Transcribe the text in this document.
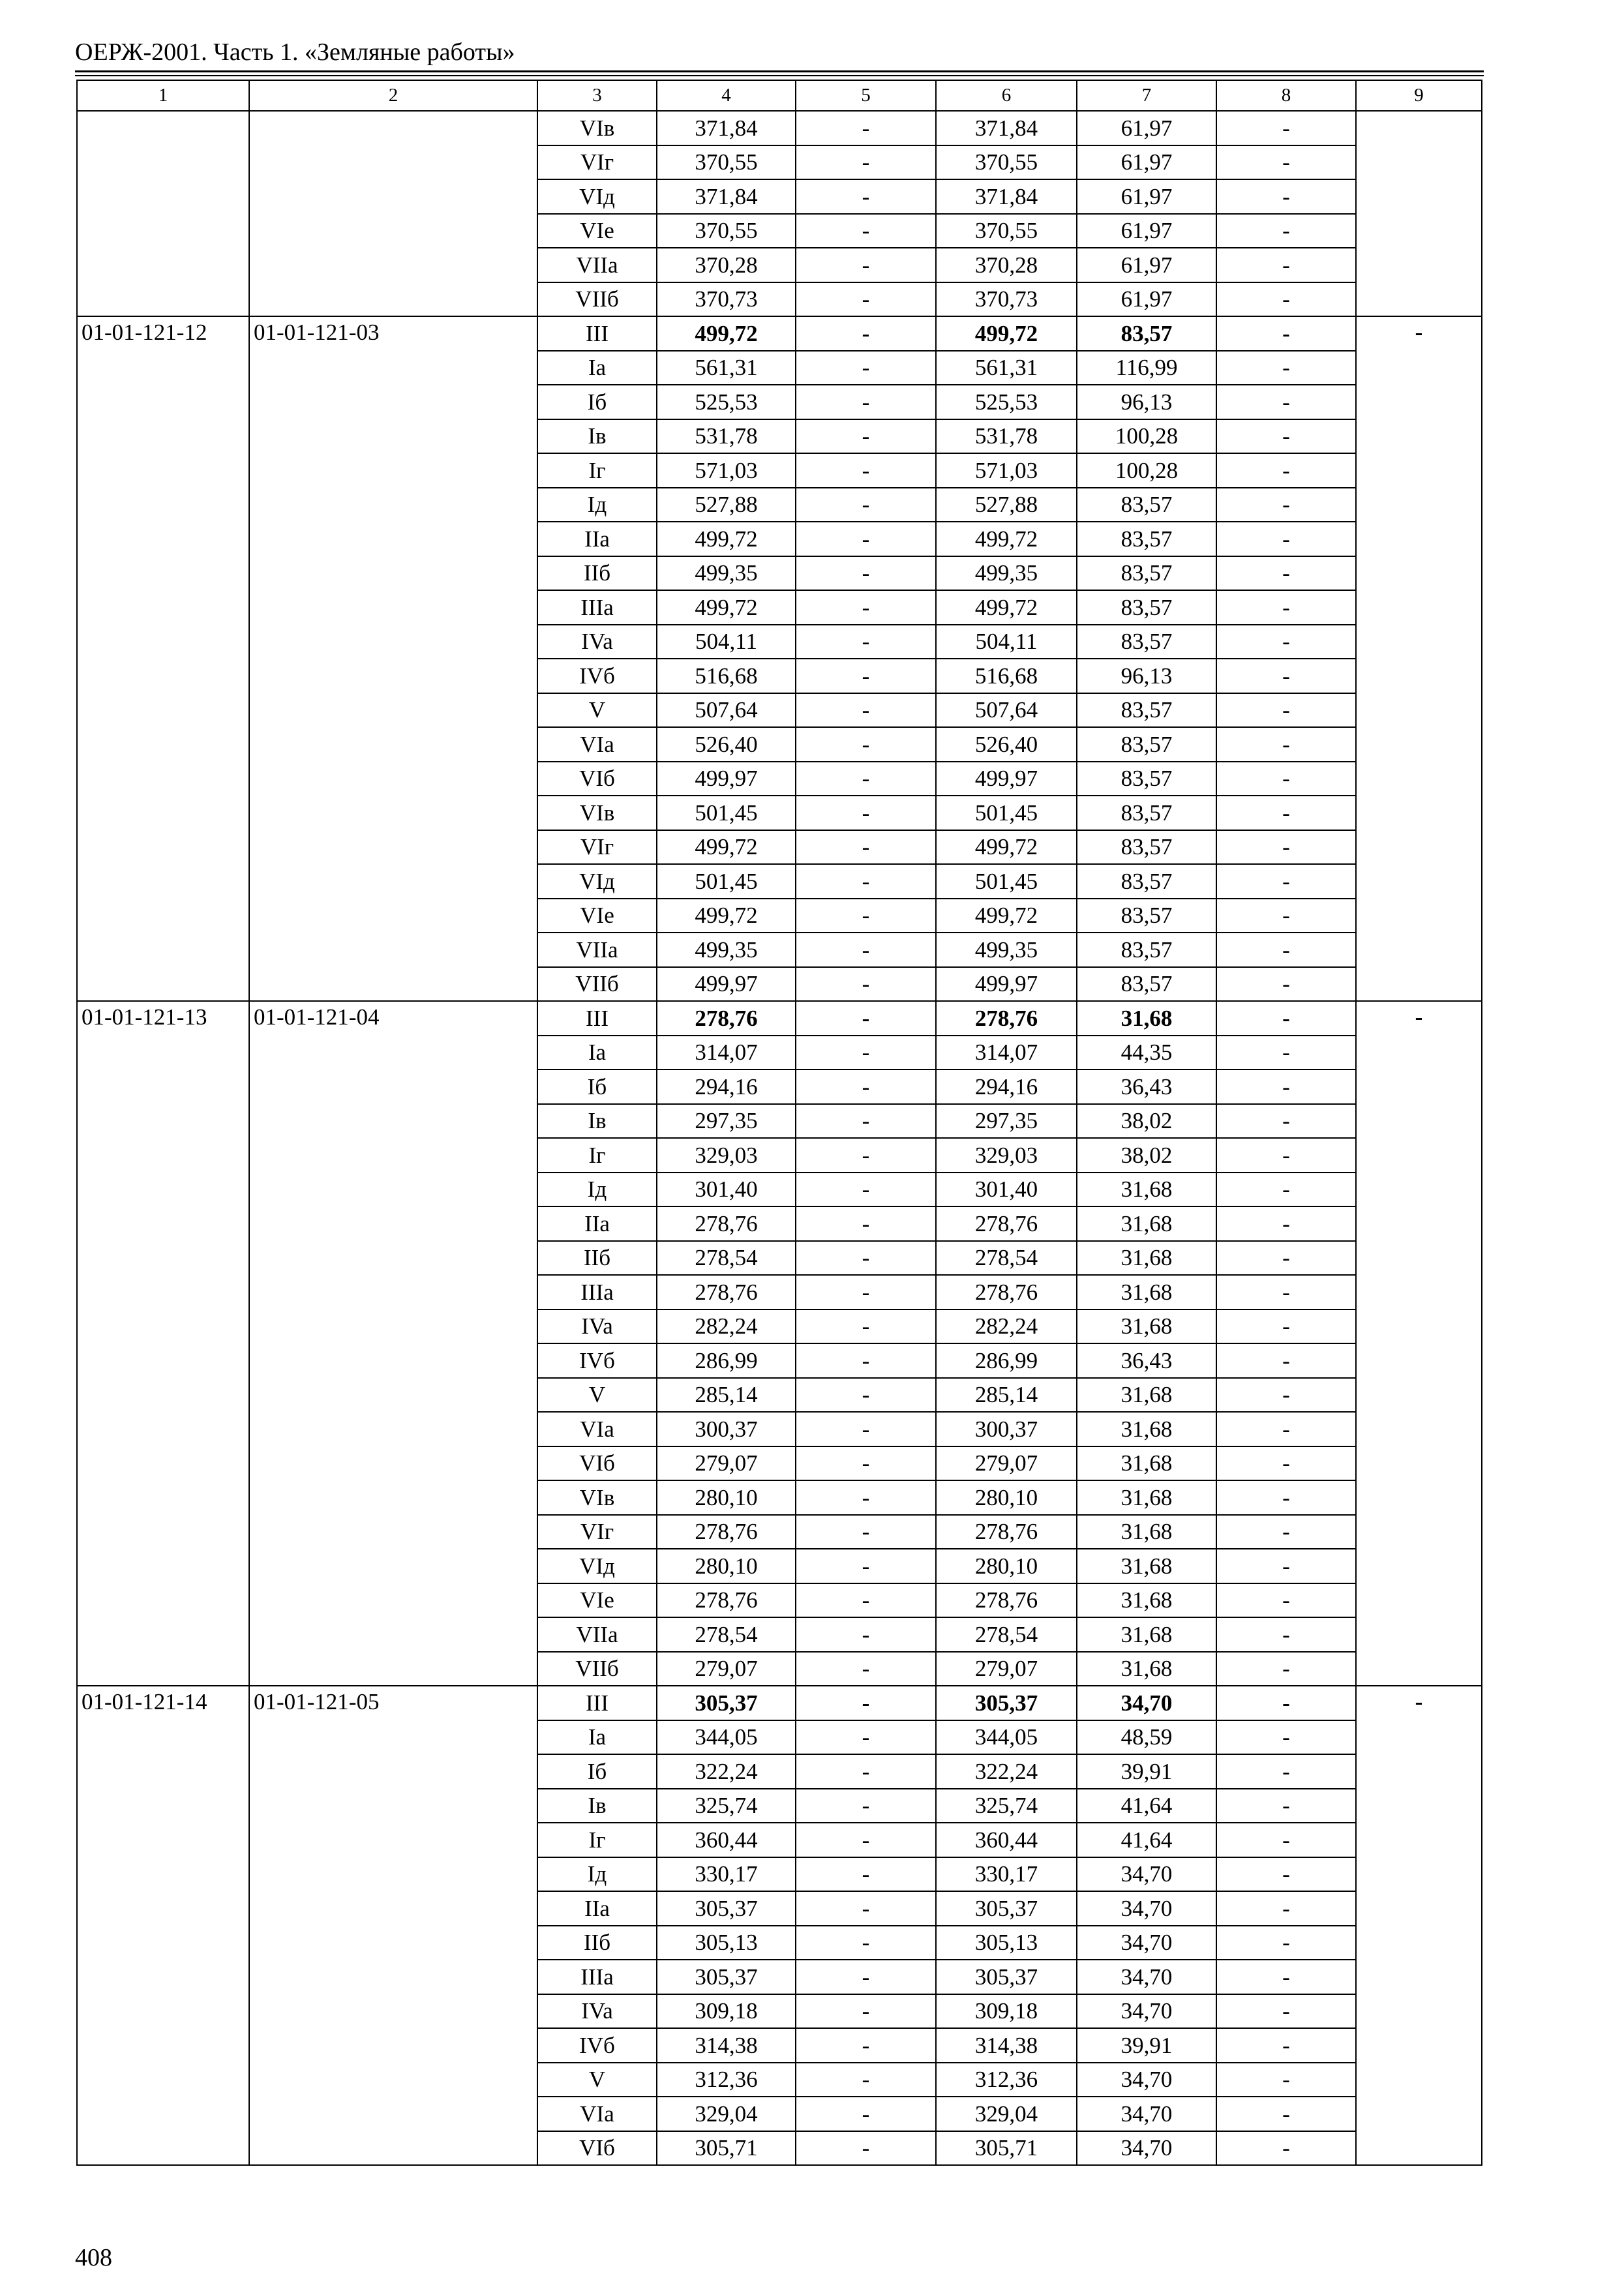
ОЕРЖ-2001. Часть 1. «Земляные работы»
1	2	3	4	5	6	7	8	9
		VIв	371,84	-	371,84	61,97	-	
		VIг	370,55	-	370,55	61,97	-	
		VIд	371,84	-	371,84	61,97	-	
		VIe	370,55	-	370,55	61,97	-	
		VIIa	370,28	-	370,28	61,97	-	
		VIIб	370,73	-	370,73	61,97	-	
01-01-121-12	01-01-121-03	III	499,72	-	499,72	83,57	-	-
		Ia	561,31	-	561,31	116,99	-	
		Iб	525,53	-	525,53	96,13	-	
		Iв	531,78	-	531,78	100,28	-	
		Iг	571,03	-	571,03	100,28	-	
		Iд	527,88	-	527,88	83,57	-	
		IIa	499,72	-	499,72	83,57	-	
		IIб	499,35	-	499,35	83,57	-	
		IIIa	499,72	-	499,72	83,57	-	
		IVa	504,11	-	504,11	83,57	-	
		IVб	516,68	-	516,68	96,13	-	
		V	507,64	-	507,64	83,57	-	
		VIa	526,40	-	526,40	83,57	-	
		VIб	499,97	-	499,97	83,57	-	
		VIв	501,45	-	501,45	83,57	-	
		VIг	499,72	-	499,72	83,57	-	
		VIд	501,45	-	501,45	83,57	-	
		VIe	499,72	-	499,72	83,57	-	
		VIIa	499,35	-	499,35	83,57	-	
		VIIб	499,97	-	499,97	83,57	-	
01-01-121-13	01-01-121-04	III	278,76	-	278,76	31,68	-	-
		Ia	314,07	-	314,07	44,35	-	
		Iб	294,16	-	294,16	36,43	-	
		Iв	297,35	-	297,35	38,02	-	
		Iг	329,03	-	329,03	38,02	-	
		Iд	301,40	-	301,40	31,68	-	
		IIa	278,76	-	278,76	31,68	-	
		IIб	278,54	-	278,54	31,68	-	
		IIIa	278,76	-	278,76	31,68	-	
		IVa	282,24	-	282,24	31,68	-	
		IVб	286,99	-	286,99	36,43	-	
		V	285,14	-	285,14	31,68	-	
		VIa	300,37	-	300,37	31,68	-	
		VIб	279,07	-	279,07	31,68	-	
		VIв	280,10	-	280,10	31,68	-	
		VIг	278,76	-	278,76	31,68	-	
		VIд	280,10	-	280,10	31,68	-	
		VIe	278,76	-	278,76	31,68	-	
		VIIa	278,54	-	278,54	31,68	-	
		VIIб	279,07	-	279,07	31,68	-	
01-01-121-14	01-01-121-05	III	305,37	-	305,37	34,70	-	-
		Ia	344,05	-	344,05	48,59	-	
		Iб	322,24	-	322,24	39,91	-	
		Iв	325,74	-	325,74	41,64	-	
		Iг	360,44	-	360,44	41,64	-	
		Iд	330,17	-	330,17	34,70	-	
		IIa	305,37	-	305,37	34,70	-	
		IIб	305,13	-	305,13	34,70	-	
		IIIa	305,37	-	305,37	34,70	-	
		IVa	309,18	-	309,18	34,70	-	
		IVб	314,38	-	314,38	39,91	-	
		V	312,36	-	312,36	34,70	-	
		VIa	329,04	-	329,04	34,70	-	
		VIб	305,71	-	305,71	34,70	-	
408
